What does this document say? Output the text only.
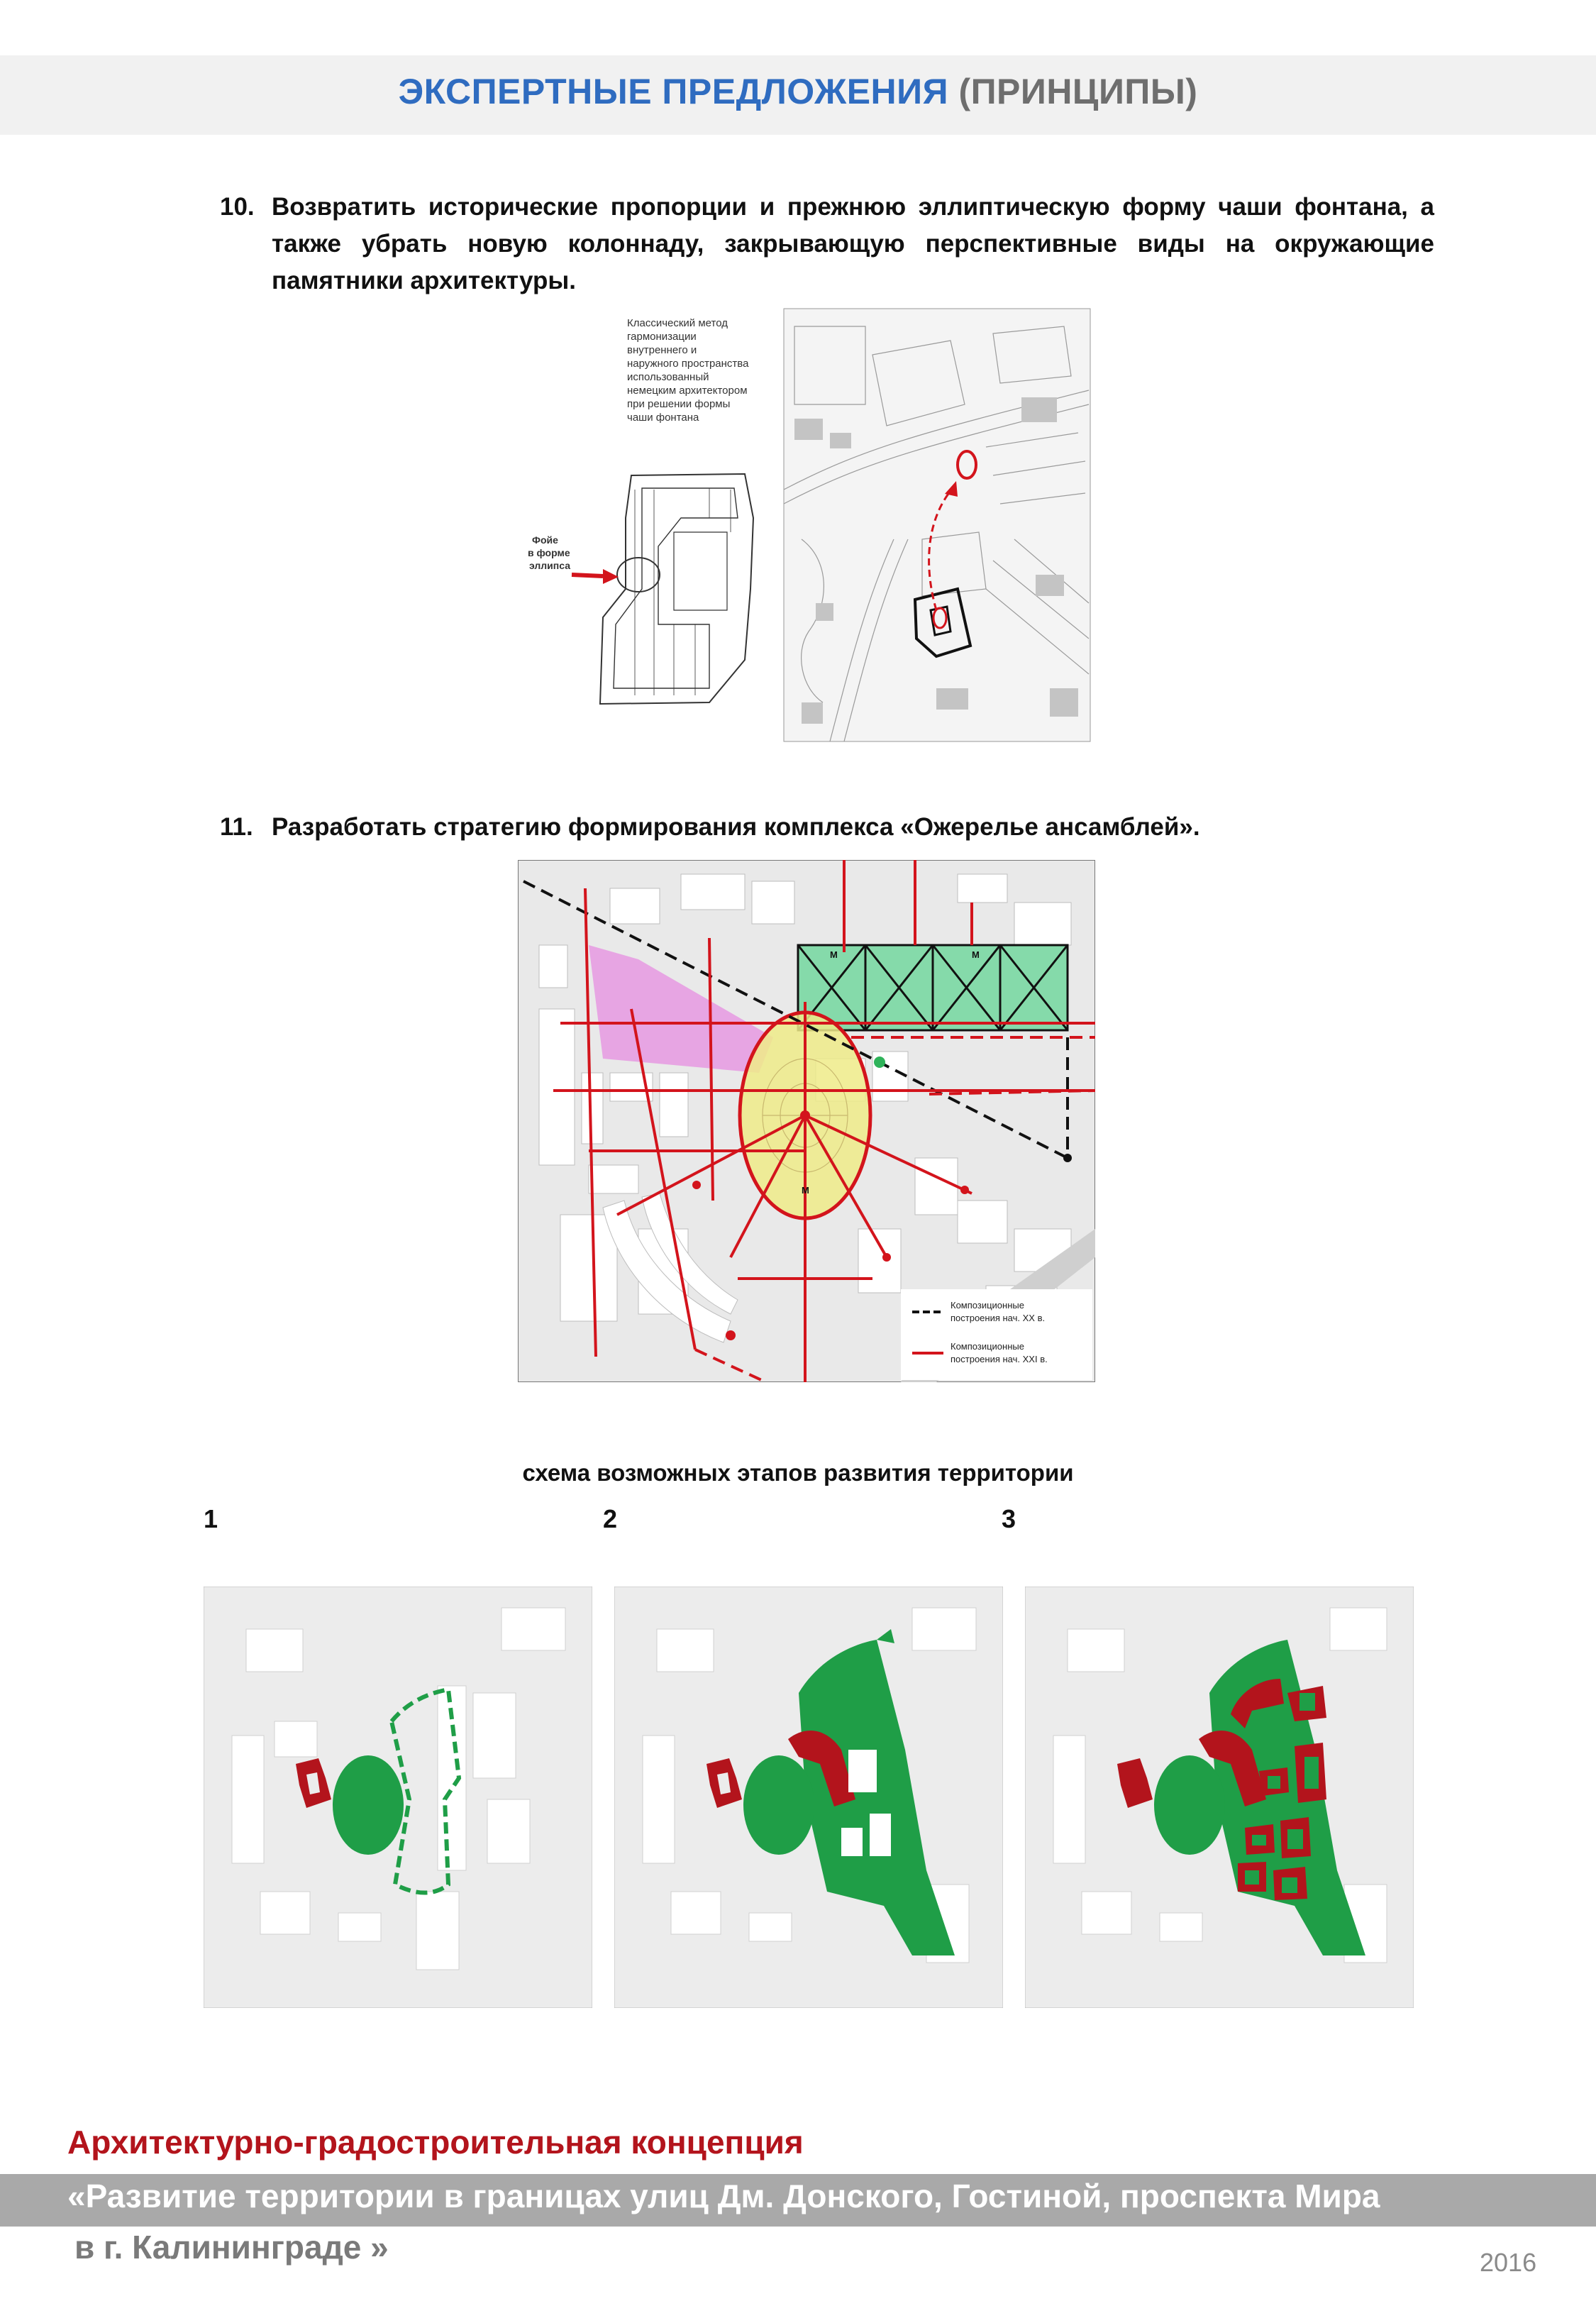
ЭКСПЕРТНЫЕ ПРЕДЛОЖЕНИЯ (ПРИНЦИПЫ)
10. Возвратить исторические пропорции и прежнюю эллиптическую форму чаши фонтана, а
также убрать новую колоннаду, закрывающую перспективные виды на окружающие
памятники архитектуры.
Классический метод
гармонизации
внутреннего и
наружного пространства
использованный
немецким архитектором
при решении формы
чаши фонтана
Фойе
в форме
эллипса
11. Разработать стратегию формирования комплекса «Ожерелье ансамблей».
М	М
М
Композиционные
построения нач. XX в.
Композиционные
построения нач. XXI в.
схема возможных этапов развития территории
1	2	3
Архитектурно-градостроительная концепция
«Развитие территории в границах улиц Дм. Донского, Гостиной, проспекта Мира
в г. Калининграде »	2016
